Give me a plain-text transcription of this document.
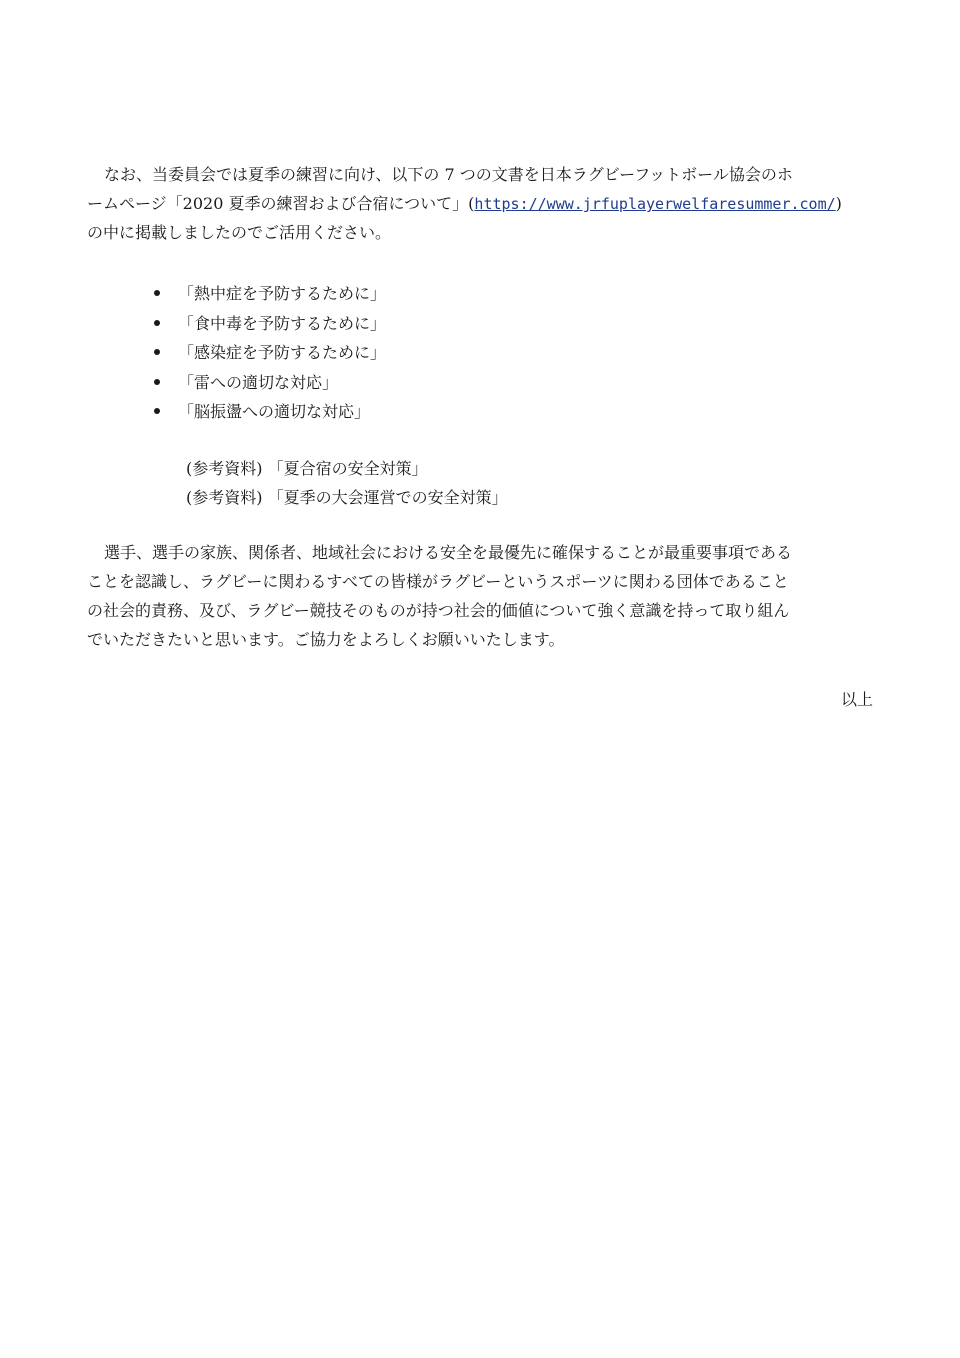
なお、当委員会では夏季の練習に向け、以下の 7 つの文書を日本ラグビーフットボール協会のホ
ームページ「2020 夏季の練習および合宿について」(https://www.jrfuplayerwelfaresummer.com/)
の中に掲載しましたのでご活用ください。

「熱中症を予防するために」
「食中毒を予防するために」
「感染症を予防するために」
「雷への適切な対応」
「脳振盪への適切な対応」
(参考資料) 「夏合宿の安全対策」
(参考資料) 「夏季の大会運営での安全対策」

選手、選手の家族、関係者、地域社会における安全を最優先に確保することが最重要事項である
ことを認識し、ラグビーに関わるすべての皆様がラグビーというスポーツに関わる団体であること
の社会的責務、及び、ラグビー競技そのものが持つ社会的価値について強く意識を持って取り組ん
でいただきたいと思います。ご協力をよろしくお願いいたします。

以上
